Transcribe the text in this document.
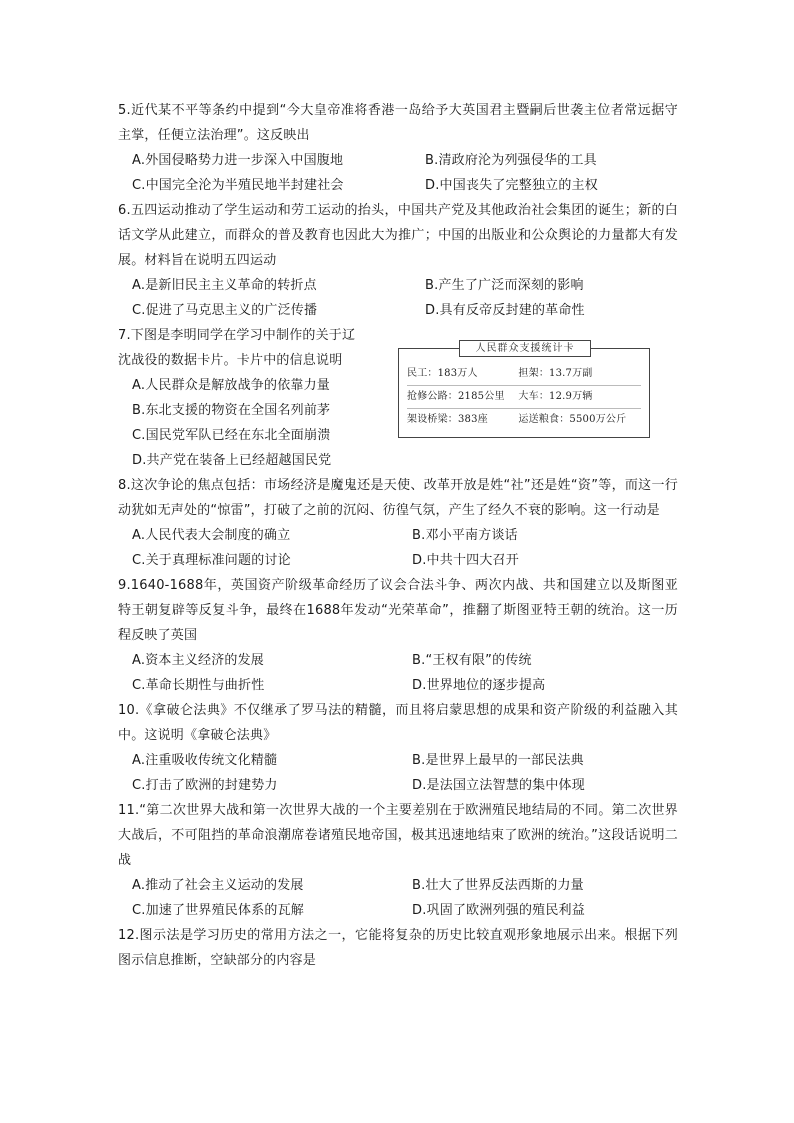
5.近代某不平等条约中提到“今大皇帝准将香港一岛给予大英国君主暨嗣后世袭主位者常远据守主掌，任便立法治理”。这反映出
A.外国侵略势力进一步深入中国腹地	B.清政府沦为列强侵华的工具
C.中国完全沦为半殖民地半封建社会	D.中国丧失了完整独立的主权
6.五四运动推动了学生运动和劳工运动的抬头，中国共产党及其他政治社会集团的诞生；新的白话文学从此建立，而群众的普及教育也因此大为推广；中国的出版业和公众舆论的力量都大有发展。材料旨在说明五四运动
A.是新旧民主主义革命的转折点	B.产生了广泛而深刻的影响
C.促进了马克思主义的广泛传播	D.具有反帝反封建的革命性
7.下图是李明同学在学习中制作的关于辽
沈战役的数据卡片。卡片中的信息说明
A.人民群众是解放战争的依靠力量
B.东北支援的物资在全国名列前茅
C.国民党军队已经在东北全面崩溃
D.共产党在装备上已经超越国民党
人民群众支援统计卡
民工：183万人	担架：13.7万副
抢修公路：2185公里	大车：12.9万辆
架设桥梁：383座	运送粮食：5500万公斤
8.这次争论的焦点包括：市场经济是魔鬼还是天使、改革开放是姓“社”还是姓“资”等，而这一行动犹如无声处的“惊雷”，打破了之前的沉闷、彷徨气氛，产生了经久不衰的影响。这一行动是
A.人民代表大会制度的确立	B.邓小平南方谈话
C.关于真理标准问题的讨论	D.中共十四大召开
9.1640-1688年，英国资产阶级革命经历了议会合法斗争、两次内战、共和国建立以及斯图亚特王朝复辟等反复斗争，最终在1688年发动“光荣革命”，推翻了斯图亚特王朝的统治。这一历程反映了英国
A.资本主义经济的发展	B.“王权有限”的传统
C.革命长期性与曲折性	D.世界地位的逐步提高
10.《拿破仑法典》不仅继承了罗马法的精髓，而且将启蒙思想的成果和资产阶级的利益融入其中。这说明《拿破仑法典》
A.注重吸收传统文化精髓	B.是世界上最早的一部民法典
C.打击了欧洲的封建势力	D.是法国立法智慧的集中体现
11.“第二次世界大战和第一次世界大战的一个主要差别在于欧洲殖民地结局的不同。第二次世界大战后，不可阻挡的革命浪潮席卷诸殖民地帝国，极其迅速地结束了欧洲的统治。”这段话说明二战
A.推动了社会主义运动的发展	B.壮大了世界反法西斯的力量
C.加速了世界殖民体系的瓦解	D.巩固了欧洲列强的殖民利益
12.图示法是学习历史的常用方法之一，它能将复杂的历史比较直观形象地展示出来。根据下列图示信息推断，空缺部分的内容是
